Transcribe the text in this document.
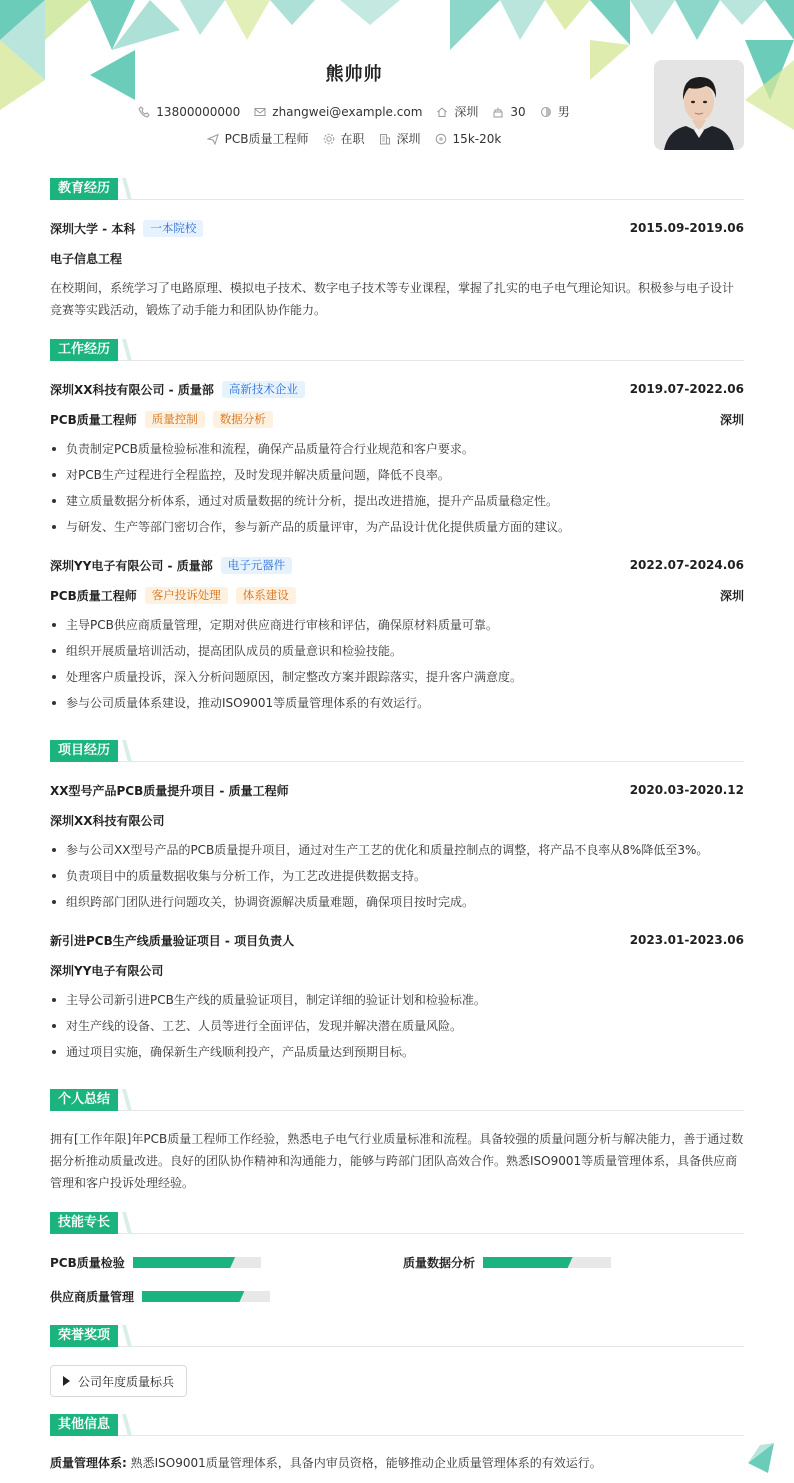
熊帅帅
13800000000	zhangwei@example.com	深圳	30	男
PCB质量工程师	在职	深圳	15k-20k
教育经历
深圳大学 - 本科	一本院校	2015.09-2019.06
电子信息工程

在校期间，系统学习了电路原理、模拟电子技术、数字电子技术等专业课程，掌握了扎实的电子电气理论知识。积极参与电子设计竞赛等实践活动，锻炼了动手能力和团队协作能力。

工作经历
深圳XX科技有限公司 - 质量部	高新技术企业	2019.07-2022.06
PCB质量工程师	质量控制	数据分析	深圳
负责制定PCB质量检验标准和流程，确保产品质量符合行业规范和客户要求。
对PCB生产过程进行全程监控，及时发现并解决质量问题，降低不良率。
建立质量数据分析体系，通过对质量数据的统计分析，提出改进措施，提升产品质量稳定性。
与研发、生产等部门密切合作，参与新产品的质量评审，为产品设计优化提供质量方面的建议。
深圳YY电子有限公司 - 质量部	电子元器件	2022.07-2024.06
PCB质量工程师	客户投诉处理	体系建设	深圳
主导PCB供应商质量管理，定期对供应商进行审核和评估，确保原材料质量可靠。
组织开展质量培训活动，提高团队成员的质量意识和检验技能。
处理客户质量投诉，深入分析问题原因，制定整改方案并跟踪落实，提升客户满意度。
参与公司质量体系建设，推动ISO9001等质量管理体系的有效运行。
项目经历
XX型号产品PCB质量提升项目 - 质量工程师	2020.03-2020.12
深圳XX科技有限公司
参与公司XX型号产品的PCB质量提升项目，通过对生产工艺的优化和质量控制点的调整，将产品不良率从8%降低至3%。
负责项目中的质量数据收集与分析工作，为工艺改进提供数据支持。
组织跨部门团队进行问题攻关，协调资源解决质量难题，确保项目按时完成。
新引进PCB生产线质量验证项目 - 项目负责人	2023.01-2023.06
深圳YY电子有限公司
主导公司新引进PCB生产线的质量验证项目，制定详细的验证计划和检验标准。
对生产线的设备、工艺、人员等进行全面评估，发现并解决潜在质量风险。
通过项目实施，确保新生产线顺利投产，产品质量达到预期目标。
个人总结

拥有[工作年限]年PCB质量工程师工作经验，熟悉电子电气行业质量标准和流程。具备较强的质量问题分析与解决能力，善于通过数据分析推动质量改进。良好的团队协作精神和沟通能力，能够与跨部门团队高效合作。熟悉ISO9001等质量管理体系，具备供应商管理和客户投诉处理经验。

技能专长
PCB质量检验	质量数据分析
供应商质量管理
荣誉奖项
公司年度质量标兵
其他信息
质量管理体系: 熟悉ISO9001质量管理体系，具备内审员资格，能够推动企业质量管理体系的有效运行。
